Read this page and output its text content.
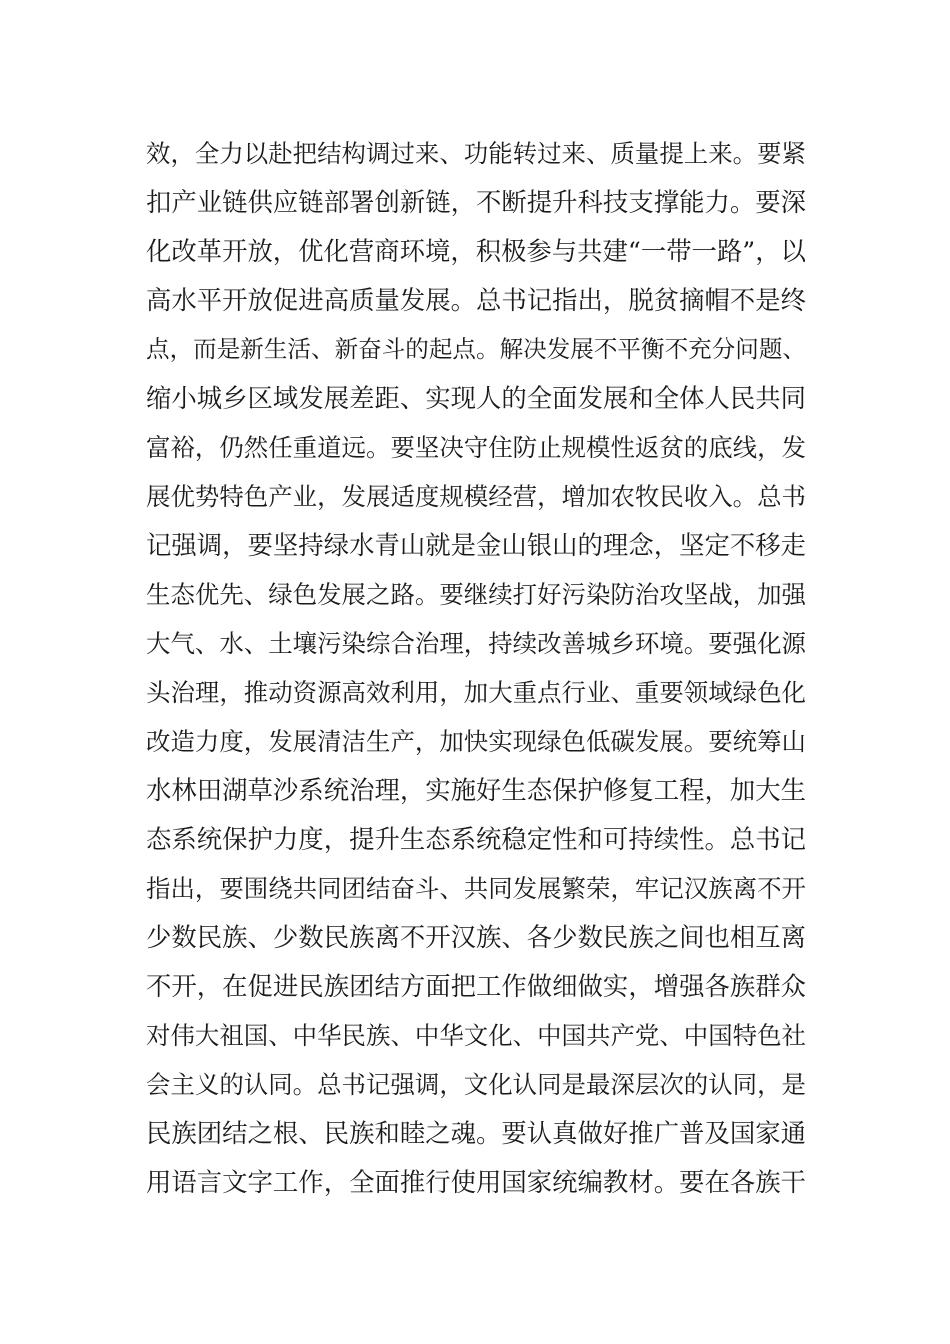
效，全力以赴把结构调过来、功能转过来、质量提上来。要紧
扣产业链供应链部署创新链，不断提升科技支撑能力。要深
化改革开放，优化营商环境，积极参与共建“一带一路”，以
高水平开放促进高质量发展。总书记指出，脱贫摘帽不是终
点，而是新生活、新奋斗的起点。解决发展不平衡不充分问题、
缩小城乡区域发展差距、实现人的全面发展和全体人民共同
富裕，仍然任重道远。要坚决守住防止规模性返贫的底线，发
展优势特色产业，发展适度规模经营，增加农牧民收入。总书
记强调，要坚持绿水青山就是金山银山的理念，坚定不移走
生态优先、绿色发展之路。要继续打好污染防治攻坚战，加强
大气、水、土壤污染综合治理，持续改善城乡环境。要强化源
头治理，推动资源高效利用，加大重点行业、重要领域绿色化
改造力度，发展清洁生产，加快实现绿色低碳发展。要统筹山
水林田湖草沙系统治理，实施好生态保护修复工程，加大生
态系统保护力度，提升生态系统稳定性和可持续性。总书记
指出，要围绕共同团结奋斗、共同发展繁荣，牢记汉族离不开
少数民族、少数民族离不开汉族、各少数民族之间也相互离
不开，在促进民族团结方面把工作做细做实，增强各族群众
对伟大祖国、中华民族、中华文化、中国共产党、中国特色社
会主义的认同。总书记强调，文化认同是最深层次的认同，是
民族团结之根、民族和睦之魂。要认真做好推广普及国家通
用语言文字工作，全面推行使用国家统编教材。要在各族干
